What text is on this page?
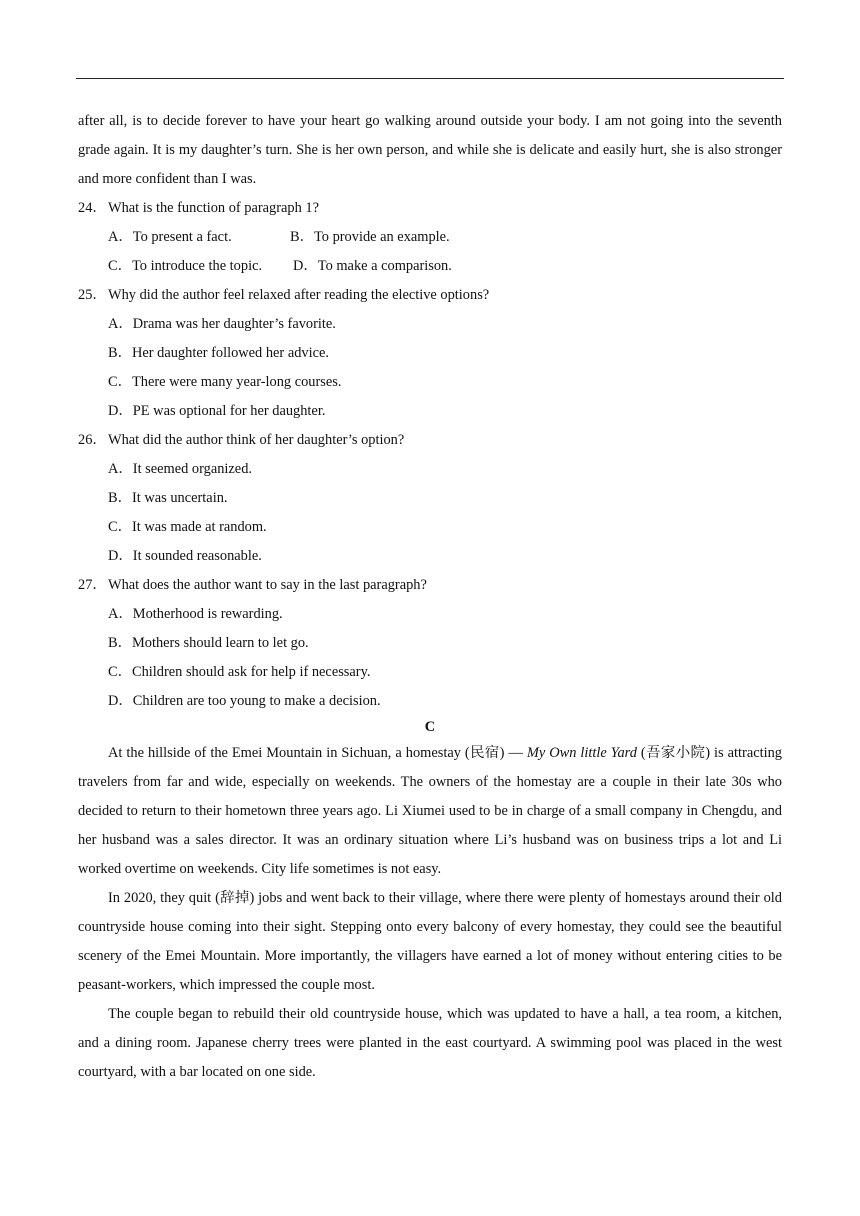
after all, is to decide forever to have your heart go walking around outside your body. I am not going into the seventh grade again. It is my daughter’s turn. She is her own person, and while she is delicate and easily hurt, she is also stronger and more confident than I was.

24．What is the function of paragraph 1?

A．To present a fact.	B．To provide an example.

C．To introduce the topic. D．To make a comparison.

25．Why did the author feel relaxed after reading the elective options?

A．Drama was her daughter’s favorite.

B．Her daughter followed her advice.

C．There were many year-long courses.

D．PE was optional for her daughter.

26．What did the author think of her daughter’s option?

A．It seemed organized.

B．It was uncertain.

C．It was made at random.

D．It sounded reasonable.

27．What does the author want to say in the last paragraph?

A．Motherhood is rewarding.

B．Mothers should learn to let go.

C．Children should ask for help if necessary.

D．Children are too young to make a decision.

C

At the hillside of the Emei Mountain in Sichuan, a homestay (民宿) — My Own little Yard (吾家小院) is attracting travelers from far and wide, especially on weekends. The owners of the homestay are a couple in their late 30s who decided to return to their hometown three years ago. Li Xiumei used to be in charge of a small company in Chengdu, and her husband was a sales director. It was an ordinary situation where Li’s husband was on business trips a lot and Li worked overtime on weekends. City life sometimes is not easy.

In 2020, they quit (辞掉) jobs and went back to their village, where there were plenty of homestays around their old countryside house coming into their sight. Stepping onto every balcony of every homestay, they could see the beautiful scenery of the Emei Mountain. More importantly, the villagers have earned a lot of money without entering cities to be peasant-workers, which impressed the couple most.

The couple began to rebuild their old countryside house, which was updated to have a hall, a tea room, a kitchen, and a dining room. Japanese cherry trees were planted in the east courtyard. A swimming pool was placed in the west courtyard, with a bar located on one side.
